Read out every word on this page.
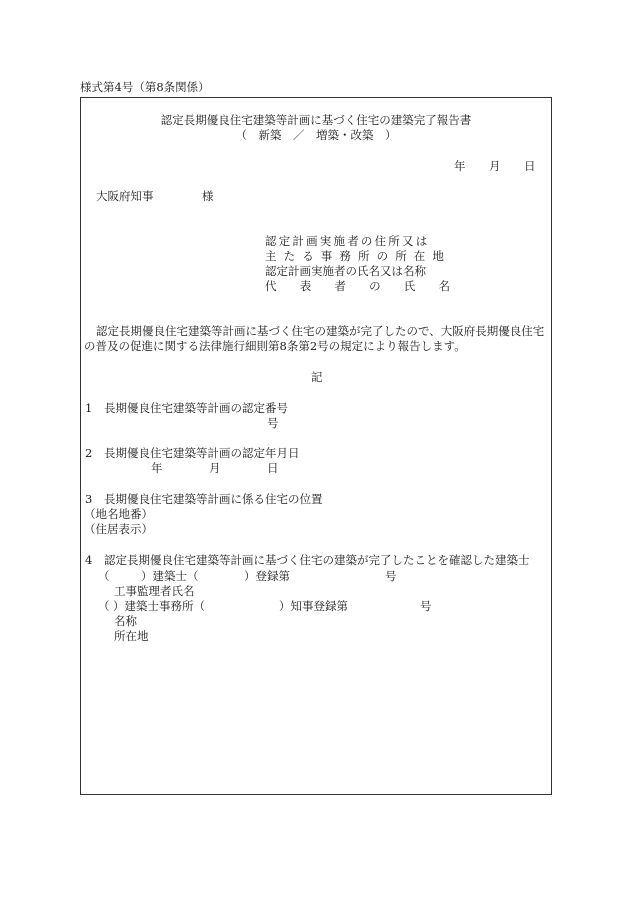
様式第4号（第8条関係）
認定長期優良住宅建築等計画に基づく住宅の建築完了報告書
（　新築　／　増築・改築　）
年 月 日
大阪府知事	様
認定計画実施者の住所又は
主たる事務所の所在地
認定計画実施者の氏名又は名称
代表者の氏名
認定長期優良住宅建築等計画に基づく住宅の建築が完了したので、大阪府長期優良住宅
の普及の促進に関する法律施行細則第8条第2号の規定により報告します。
記
1 長期優良住宅建築等計画の認定番号
号
2 長期優良住宅建築等計画の認定年月日
年	月	日
3 長期優良住宅建築等計画に係る住宅の位置
（地名地番）
（住居表示）
4 認定長期優良住宅建築等計画に基づく住宅の建築が完了したことを確認した建築士
（	）建築士（	）登録第	号
工事監理者氏名
（ ）建築士事務所（	）知事登録第	号
名称
所在地
